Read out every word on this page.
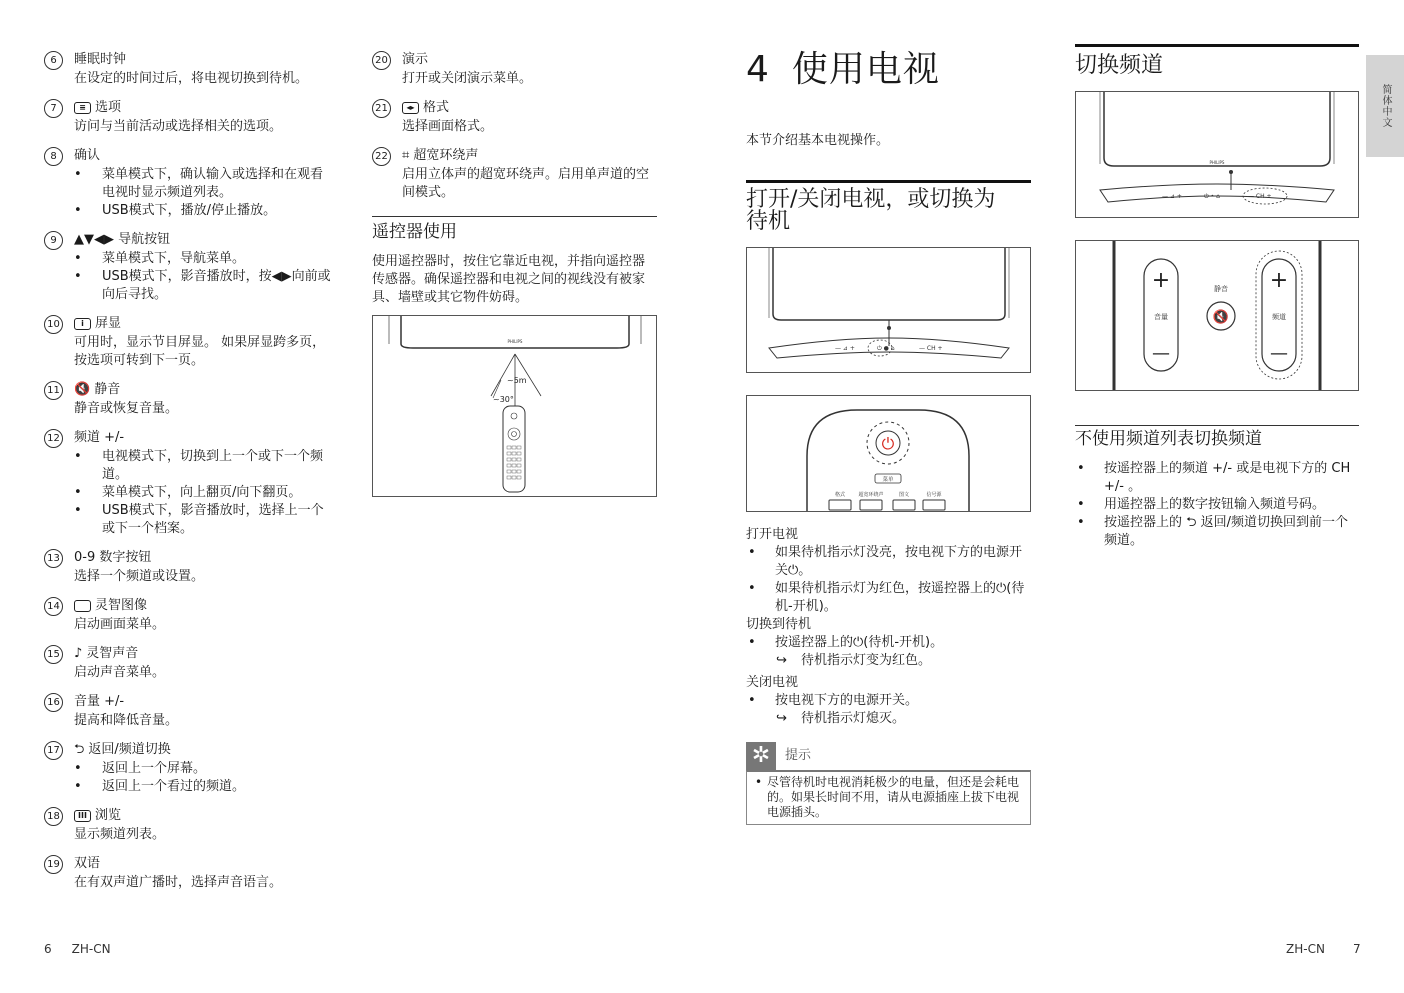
6	睡眠时钟
在设定的时间过后，将电视切换到待机。
7	≡ 选项
访问与当前活动或选择相关的选项。
8	确认
• 菜单模式下，确认输入或选择和在观看电视时显示频道列表。
• USB模式下，播放/停止播放。
9	▲▼◀▶ 导航按钮
• 菜单模式下，导航菜单。
• USB模式下，影音播放时，按◀▶向前或向后寻找。
10	i 屏显
可用时，显示节目屏显。 如果屏显跨多页，按选项可转到下一页。
11 🔇 静音
静音或恢复音量。
12 频道 +/-
• 电视模式下，切换到上一个或下一个频道。
• 菜单模式下，向上翻页/向下翻页。
• USB模式下，影音播放时，选择上一个或下一个档案。
13 0-9 数字按钮
选择一个频道或设置。
14	灵智图像
启动画面菜单。
15 ♪ 灵智声音
启动声音菜单。
16 音量 +/-
提高和降低音量。
17 ⮌ 返回/频道切换
• 返回上一个屏幕。
• 返回上一个看过的频道。
18	III 浏览
显示频道列表。
19 双语
在有双声道广播时，选择声音语言。
20 演示
打开或关闭演示菜单。
21	◂▸ 格式
选择画面格式。
22 ⌗ 超宽环绕声
启用立体声的超宽环绕声。启用单声道的空间模式。
遥控器使用
使用遥控器时，按住它靠近电视，并指向遥控器传感器。确保遥控器和电视之间的视线没有被家具、墙壁或其它物件妨碍。
PHILIPS
~5m
~30°
4 使用电视
本节介绍基本电视操作。
打开/关闭电视，或切换为待机
— ⊿ +	⏻ ● ⌂	— CH +
⏻
菜单
格式	超宽环绕声	图文	信号源
打开电视
• 如果待机指示灯没亮，按电视下方的电源开关⏻。
• 如果待机指示灯为红色，按遥控器上的⏻(待机-开机)。
切换到待机
• 按遥控器上的⏻(待机-开机)。
↪ 待机指示灯变为红色。
关闭电视
• 按电视下方的电源开关。
↪ 待机指示灯熄灭。
✲	提示
• 尽管待机时电视消耗极少的电量，但还是会耗电的。如果长时间不用，请从电源插座上拔下电视电源插头。
切换频道
PHILIPS
— ⊿ +	⏻ • ⌂	— CH +
+
音量
—
静音
🔇
+
频道
—
不使用频道列表切换频道
• 按遥控器上的频道 +/- 或是电视下方的 CH +/- 。
• 用遥控器上的数字按钮输入频道号码。
• 按遥控器上的 ⮌ 返回/频道切换回到前一个频道。
简体中文
6 ZH-CN	ZH-CN 7
